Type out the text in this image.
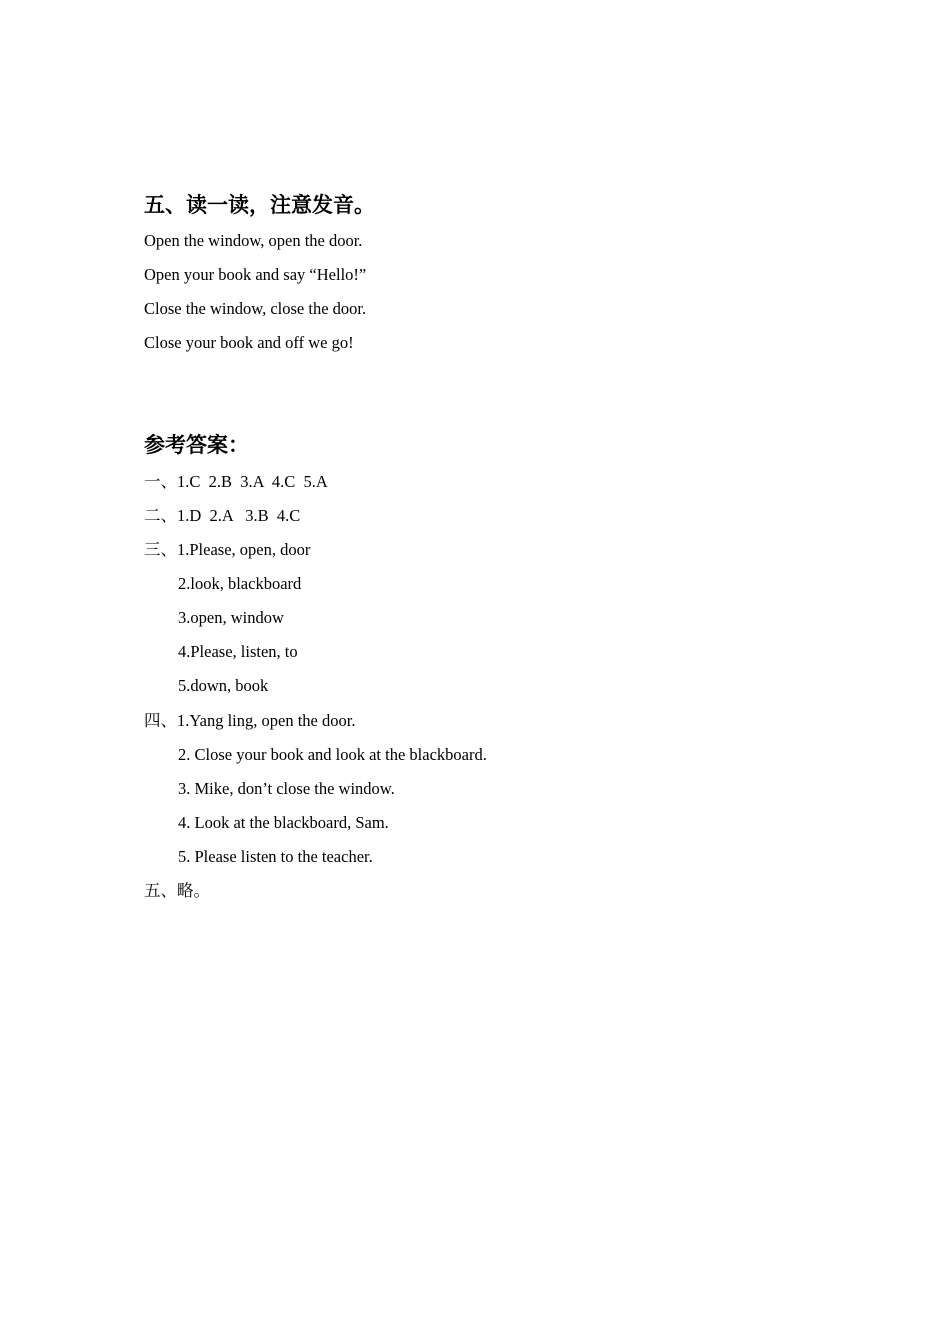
五、读一读，注意发音。
Open the window, open the door.
Open your book and say “Hello!”
Close the window, close the door.
Close your book and off we go!
参考答案：
一、1.C  2.B  3.A  4.C  5.A
二、1.D  2.A   3.B  4.C
三、1.Please, open, door
2.look, blackboard
3.open, window
4.Please, listen, to
5.down, book
四、1.Yang ling, open the door.
2. Close your book and look at the blackboard.
3. Mike, don’t close the window.
4. Look at the blackboard, Sam.
5. Please listen to the teacher.
五、略。
